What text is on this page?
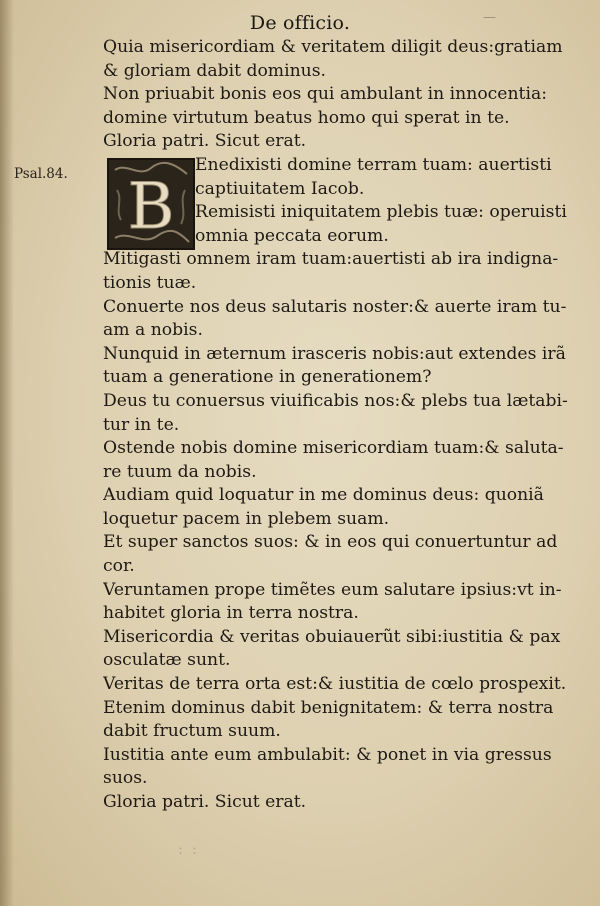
—
De officio.
Psal.84. B
Quia misericordiam & veritatem diligit deus:gratiam
& gloriam dabit dominus.
Non priuabit bonis eos qui ambulant in innocentia:
domine virtutum beatus homo qui sperat in te.
Gloria patri. Sicut erat.
Enedixisti domine terram tuam: auertisti
captiuitatem Iacob.
Remisisti iniquitatem plebis tuæ: operuisti
omnia peccata eorum.
Mitigasti omnem iram tuam:auertisti ab ira indigna-
tionis tuæ.
Conuerte nos deus salutaris noster:& auerte iram tu-
am a nobis.
Nunquid in æternum irasceris nobis:aut extendes irã
tuam a generatione in generationem?
Deus tu conuersus viuificabis nos:& plebs tua lætabi-
tur in te.
Ostende nobis domine misericordiam tuam:& saluta-
re tuum da nobis.
Audiam quid loquatur in me dominus deus: quoniã
loquetur pacem in plebem suam.
Et super sanctos suos: & in eos qui conuertuntur ad
cor.
Veruntamen prope timẽtes eum salutare ipsius:vt in-
habitet gloria in terra nostra.
Misericordia & veritas obuiauerũt sibi:iustitia & pax
osculatæ sunt.
Veritas de terra orta est:& iustitia de cœlo prospexit.
Etenim dominus dabit benignitatem: & terra nostra
dabit fructum suum.
Iustitia ante eum ambulabit: & ponet in via gressus
suos.
Gloria patri. Sicut erat.
: :
